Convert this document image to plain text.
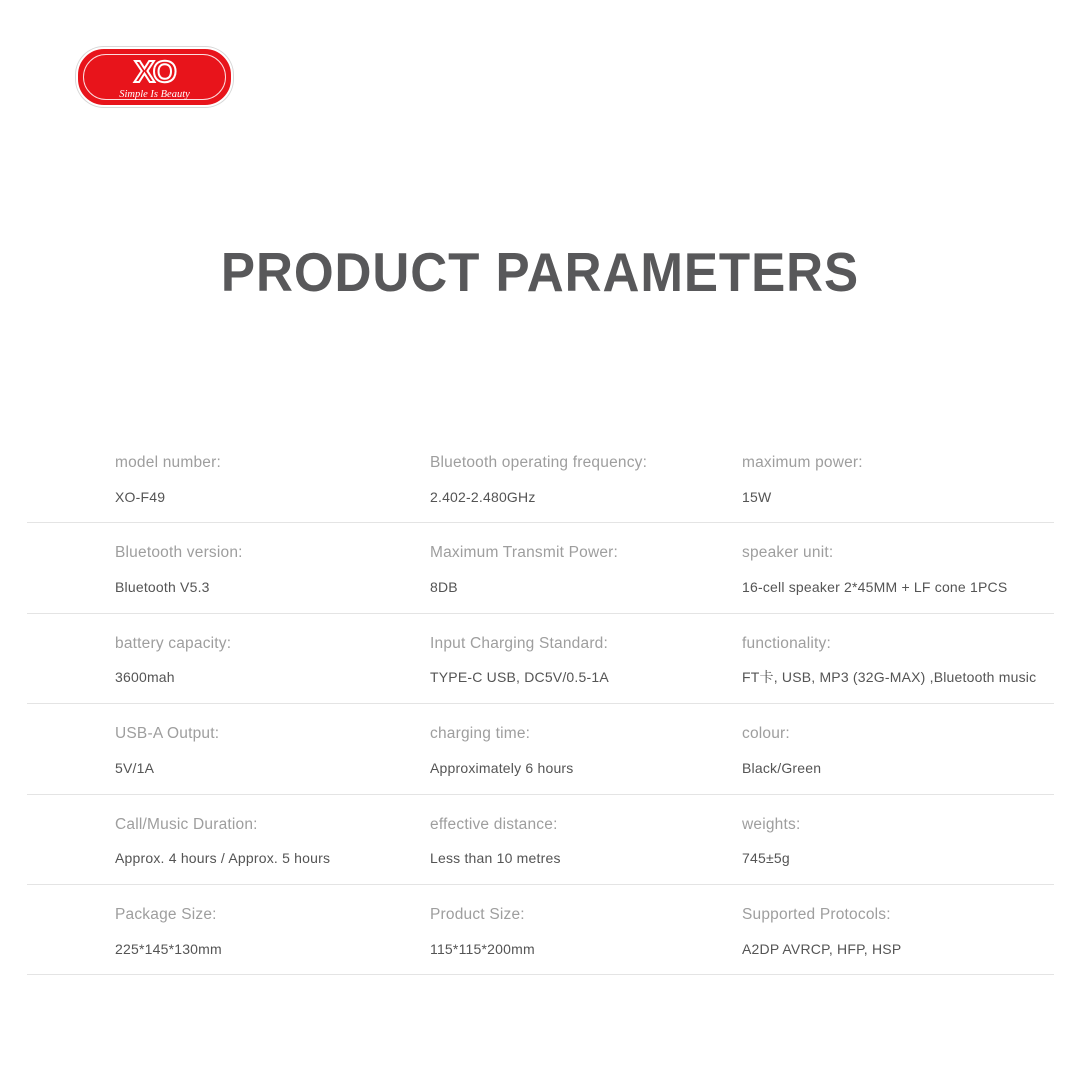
XO
Simple Is Beauty
PRODUCT PARAMETERS
model number:
XO-F49
Bluetooth operating frequency:
2.402-2.480GHz
maximum power:
15W
Bluetooth version:
Bluetooth V5.3
Maximum Transmit Power:
8DB
speaker unit:
16-cell speaker 2*45MM + LF cone 1PCS
battery capacity:
3600mah
Input Charging Standard:
TYPE-C USB, DC5V/0.5-1A
functionality:
FT卡, USB, MP3 (32G-MAX) ,Bluetooth music
USB-A Output:
5V/1A
charging time:
Approximately 6 hours
colour:
Black/Green
Call/Music Duration:
Approx. 4 hours / Approx. 5 hours
effective distance:
Less than 10 metres
weights:
745±5g
Package Size:
225*145*130mm
Product Size:
115*115*200mm
Supported Protocols:
A2DP AVRCP, HFP, HSP
